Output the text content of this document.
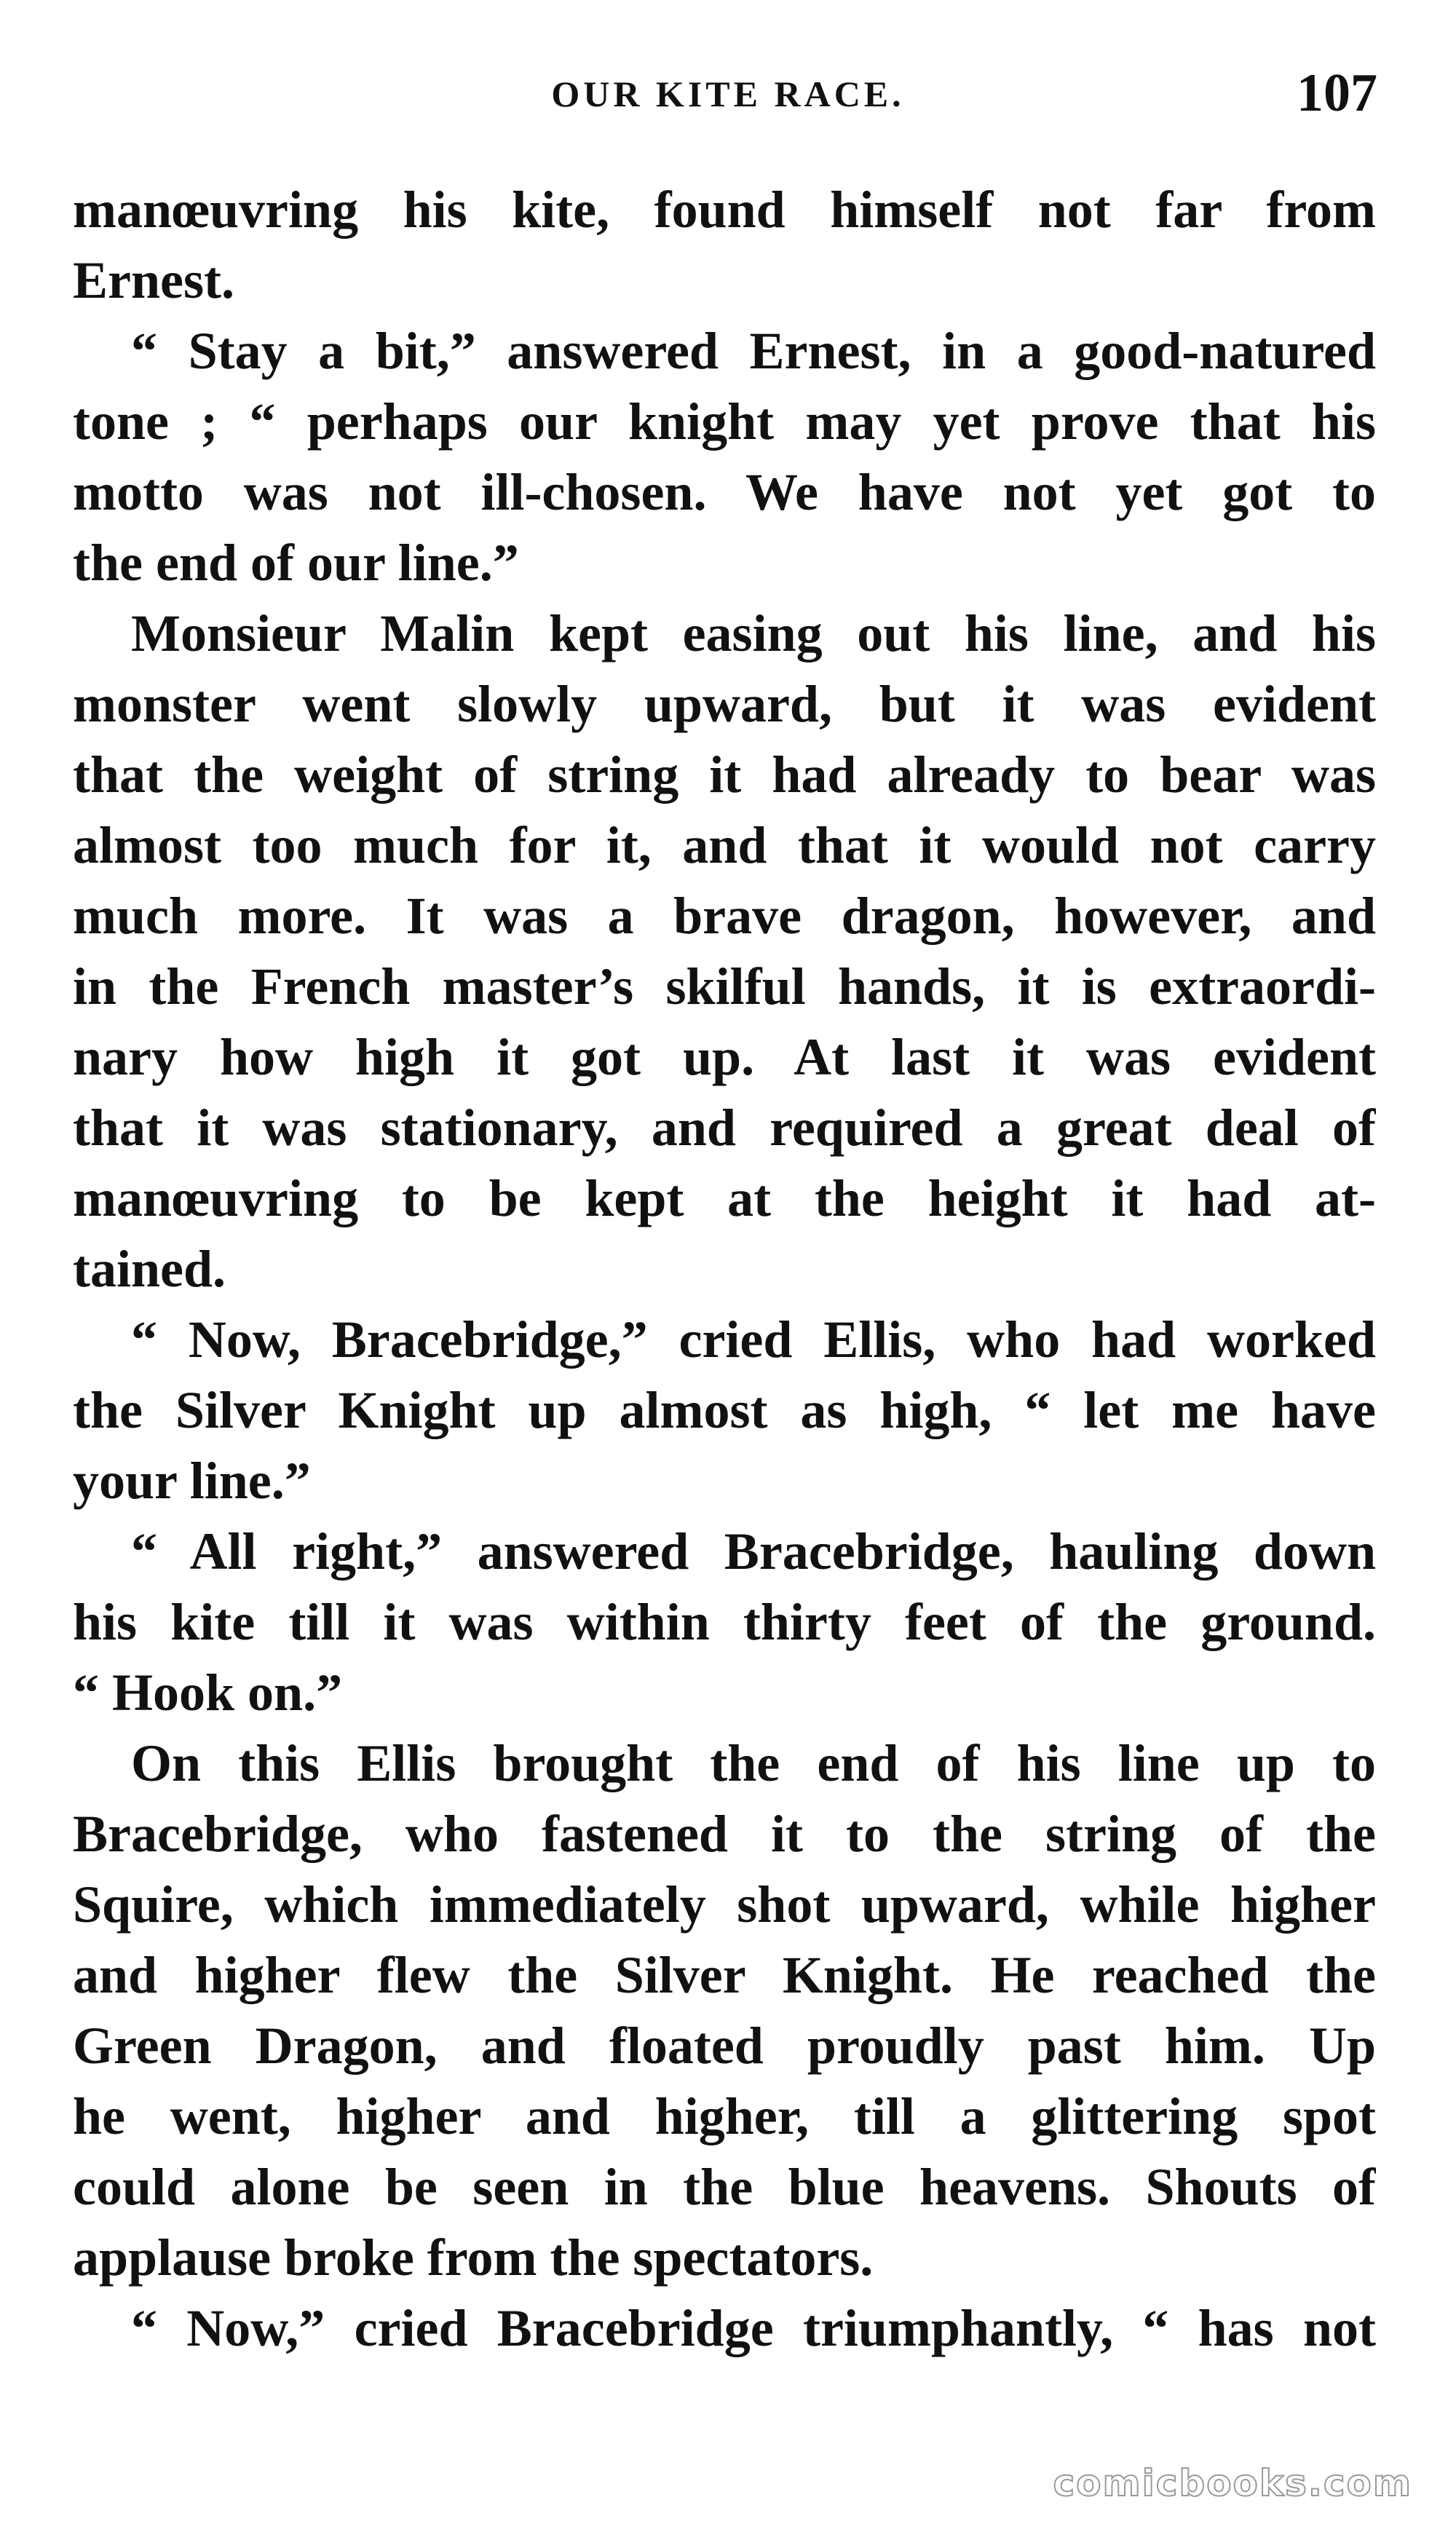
OUR KITE RACE.	107
manœuvring his kite, found himself not far from
Ernest.
“ Stay a bit,” answered Ernest, in a good-natured
tone ; “ perhaps our knight may yet prove that his
motto was not ill-chosen. We have not yet got to
the end of our line.”
Monsieur Malin kept easing out his line, and his
monster went slowly upward, but it was evident
that the weight of string it had already to bear was
almost too much for it, and that it would not carry
much more. It was a brave dragon, however, and
in the French master’s skilful hands, it is extraordi-
nary how high it got up. At last it was evident
that it was stationary, and required a great deal of
manœuvring to be kept at the height it had at-
tained.
“ Now, Bracebridge,” cried Ellis, who had worked
the Silver Knight up almost as high, “ let me have
your line.”
“ All right,” answered Bracebridge, hauling down
his kite till it was within thirty feet of the ground.
“ Hook on.”
On this Ellis brought the end of his line up to
Bracebridge, who fastened it to the string of the
Squire, which immediately shot upward, while higher
and higher flew the Silver Knight. He reached the
Green Dragon, and floated proudly past him. Up
he went, higher and higher, till a glittering spot
could alone be seen in the blue heavens. Shouts of
applause broke from the spectators.
“ Now,” cried Bracebridge triumphantly, “ has not
comicbooks.com
